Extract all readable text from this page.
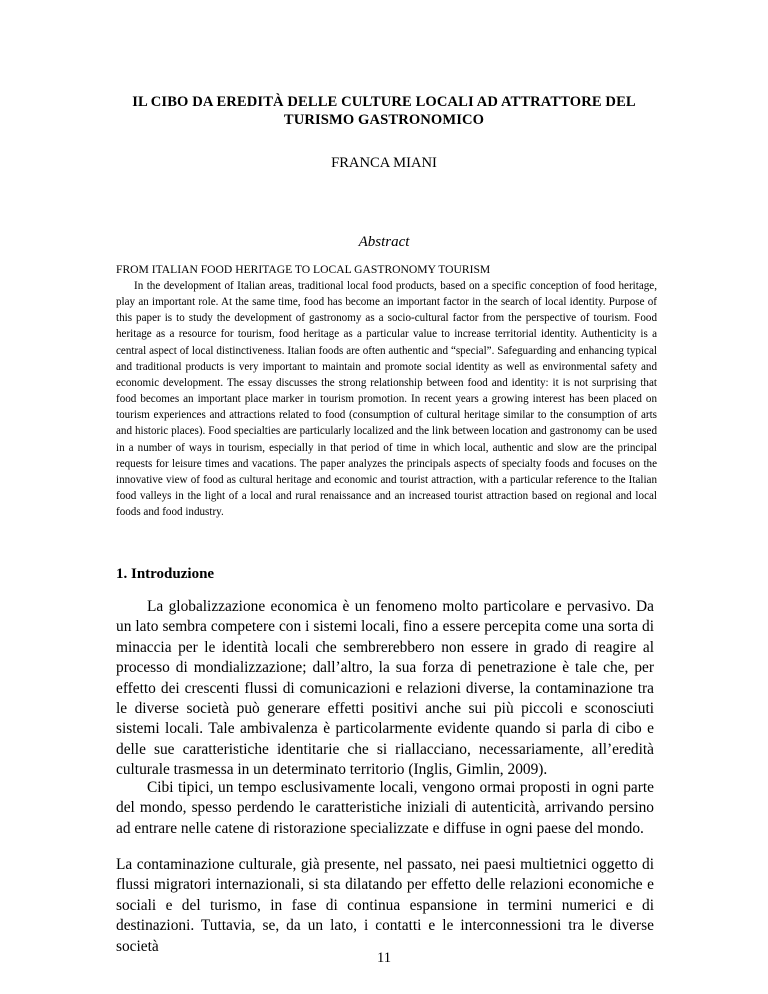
IL CIBO DA EREDITÀ DELLE CULTURE LOCALI AD ATTRATTORE DEL TURISMO GASTRONOMICO
FRANCA MIANI
Abstract
FROM ITALIAN FOOD HERITAGE TO LOCAL GASTRONOMY TOURISM

In the development of Italian areas, traditional local food products, based on a specific conception of food heritage, play an important role. At the same time, food has become an important factor in the search of local identity. Purpose of this paper is to study the development of gastronomy as a socio-cultural factor from the perspective of tourism. Food heritage as a resource for tourism, food heritage as a particular value to increase territorial identity. Authenticity is a central aspect of local distinctiveness. Italian foods are often authentic and “special”. Safeguarding and enhancing typical and traditional products is very important to maintain and promote social identity as well as environmental safety and economic development. The essay discusses the strong relationship between food and identity: it is not surprising that food becomes an important place marker in tourism promotion. In recent years a growing interest has been placed on tourism experiences and attractions related to food (consumption of cultural heritage similar to the consumption of arts and historic places). Food specialties are particularly localized and the link between location and gastronomy can be used in a number of ways in tourism, especially in that period of time in which local, authentic and slow are the principal requests for leisure times and vacations. The paper analyzes the principals aspects of specialty foods and focuses on the innovative view of food as cultural heritage and economic and tourist attraction, with a particular reference to the Italian food valleys in the light of a local and rural renaissance and an increased tourist attraction based on regional and local foods and food industry.

1. Introduzione

La globalizzazione economica è un fenomeno molto particolare e pervasivo. Da un lato sembra competere con i sistemi locali, fino a essere percepita come una sorta di minaccia per le identità locali che sembrerebbero non essere in grado di reagire al processo di mondializzazione; dall’altro, la sua forza di penetrazione è tale che, per effetto dei crescenti flussi di comunicazioni e relazioni diverse, la contaminazione tra le diverse società può generare effetti positivi anche sui più piccoli e sconosciuti sistemi locali. Tale ambivalenza è particolarmente evidente quando si parla di cibo e delle sue caratteristiche identitarie che si riallacciano, necessariamente, all’eredità culturale trasmessa in un determinato territorio (Inglis, Gimlin, 2009).

Cibi tipici, un tempo esclusivamente locali, vengono ormai proposti in ogni parte del mondo, spesso perdendo le caratteristiche iniziali di autenticità, arrivando persino ad entrare nelle catene di ristorazione specializzate e diffuse in ogni paese del mondo.

La contaminazione culturale, già presente, nel passato, nei paesi multietnici oggetto di flussi migratori internazionali, si sta dilatando per effetto delle relazioni economiche e sociali e del turismo, in fase di continua espansione in termini numerici e di destinazioni. Tuttavia, se, da un lato, i contatti e le interconnessioni tra le diverse società

11
